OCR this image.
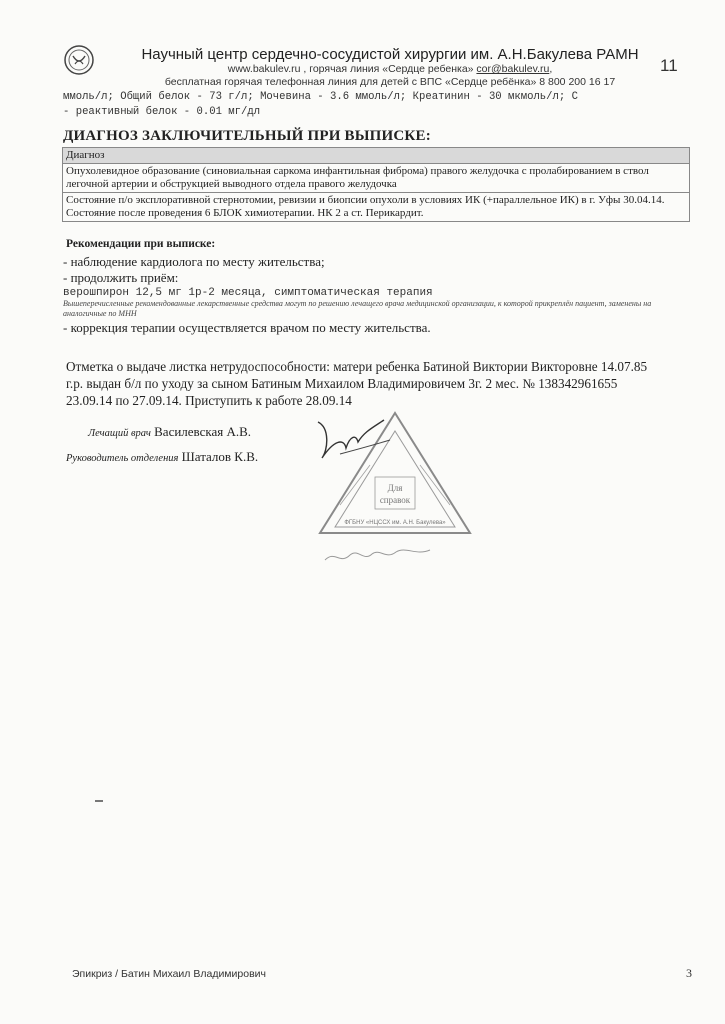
Научный центр сердечно-сосудистой хирургии им. А.Н.Бакулева РАМН
www.bakulev.ru , горячая линия «Сердце ребенка» cor@bakulev.ru,
бесплатная горячая телефонная линия для детей с ВПС «Сердце ребёнка» 8 800 200 16 17
11
ммоль/л; Общий белок - 73 г/л; Мочевина - 3.6 ммоль/л; Креатинин - 30 мкмоль/л; С
- реактивный белок - 0.01 мг/дл
ДИАГНОЗ ЗАКЛЮЧИТЕЛЬНЫЙ ПРИ ВЫПИСКЕ:
Диагноз
Опухолевидное образование (синовиальная саркома инфантильная фиброма) правого желудочка с пролабированием в ствол легочной артерии и обструкцией выводного отдела правого желудочка
Состояние п/о эксплоративной стернотомии, ревизии и биопсии опухоли в условиях ИК (+параллельное ИК) в г. Уфы 30.04.14. Состояние после проведения 6 БЛОК химиотерапии. НК 2 а ст. Перикардит.
Рекомендации при выписке:
- наблюдение кардиолога по месту жительства;
- продолжить приём:
верошпирон 12,5 мг 1р-2 месяца, симптоматическая терапия
Вышеперечисленные рекомендованные лекарственные средства могут по решению лечащего врача медицинской организации, к которой прикреплён пациент, заменены на аналогичные по МНН
- коррекция терапии осуществляется врачом по месту жительства.
Отметка о выдаче листка нетрудоспособности: матери ребенка Батиной Виктории Викторовне 14.07.85 г.р. выдан б/л по уходу за сыном Батиным Михаилом Владимировичем 3г. 2 мес. № 138342961655 23.09.14 по 27.09.14. Приступить к работе 28.09.14
Для
справок
ФГБНУ «НЦССХ им. А.Н. Бакулева»
Лечащий врач Василевская А.В.
Руководитель отделения Шаталов К.В.
Эпикриз / Батин Михаил Владимирович	3
